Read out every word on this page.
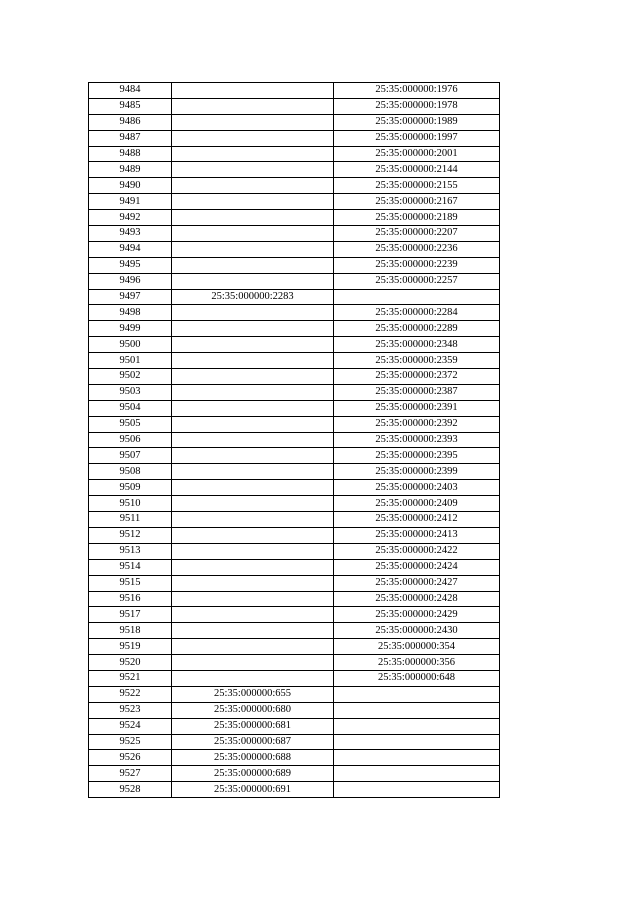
9484		25:35:000000:1976
9485		25:35:000000:1978
9486		25:35:000000:1989
9487		25:35:000000:1997
9488		25:35:000000:2001
9489		25:35:000000:2144
9490		25:35:000000:2155
9491		25:35:000000:2167
9492		25:35:000000:2189
9493		25:35:000000:2207
9494		25:35:000000:2236
9495		25:35:000000:2239
9496		25:35:000000:2257
9497	25:35:000000:2283	
9498		25:35:000000:2284
9499		25:35:000000:2289
9500		25:35:000000:2348
9501		25:35:000000:2359
9502		25:35:000000:2372
9503		25:35:000000:2387
9504		25:35:000000:2391
9505		25:35:000000:2392
9506		25:35:000000:2393
9507		25:35:000000:2395
9508		25:35:000000:2399
9509		25:35:000000:2403
9510		25:35:000000:2409
9511		25:35:000000:2412
9512		25:35:000000:2413
9513		25:35:000000:2422
9514		25:35:000000:2424
9515		25:35:000000:2427
9516		25:35:000000:2428
9517		25:35:000000:2429
9518		25:35:000000:2430
9519		25:35:000000:354
9520		25:35:000000:356
9521		25:35:000000:648
9522	25:35:000000:655	
9523	25:35:000000:680	
9524	25:35:000000:681	
9525	25:35:000000:687	
9526	25:35:000000:688	
9527	25:35:000000:689	
9528	25:35:000000:691	
